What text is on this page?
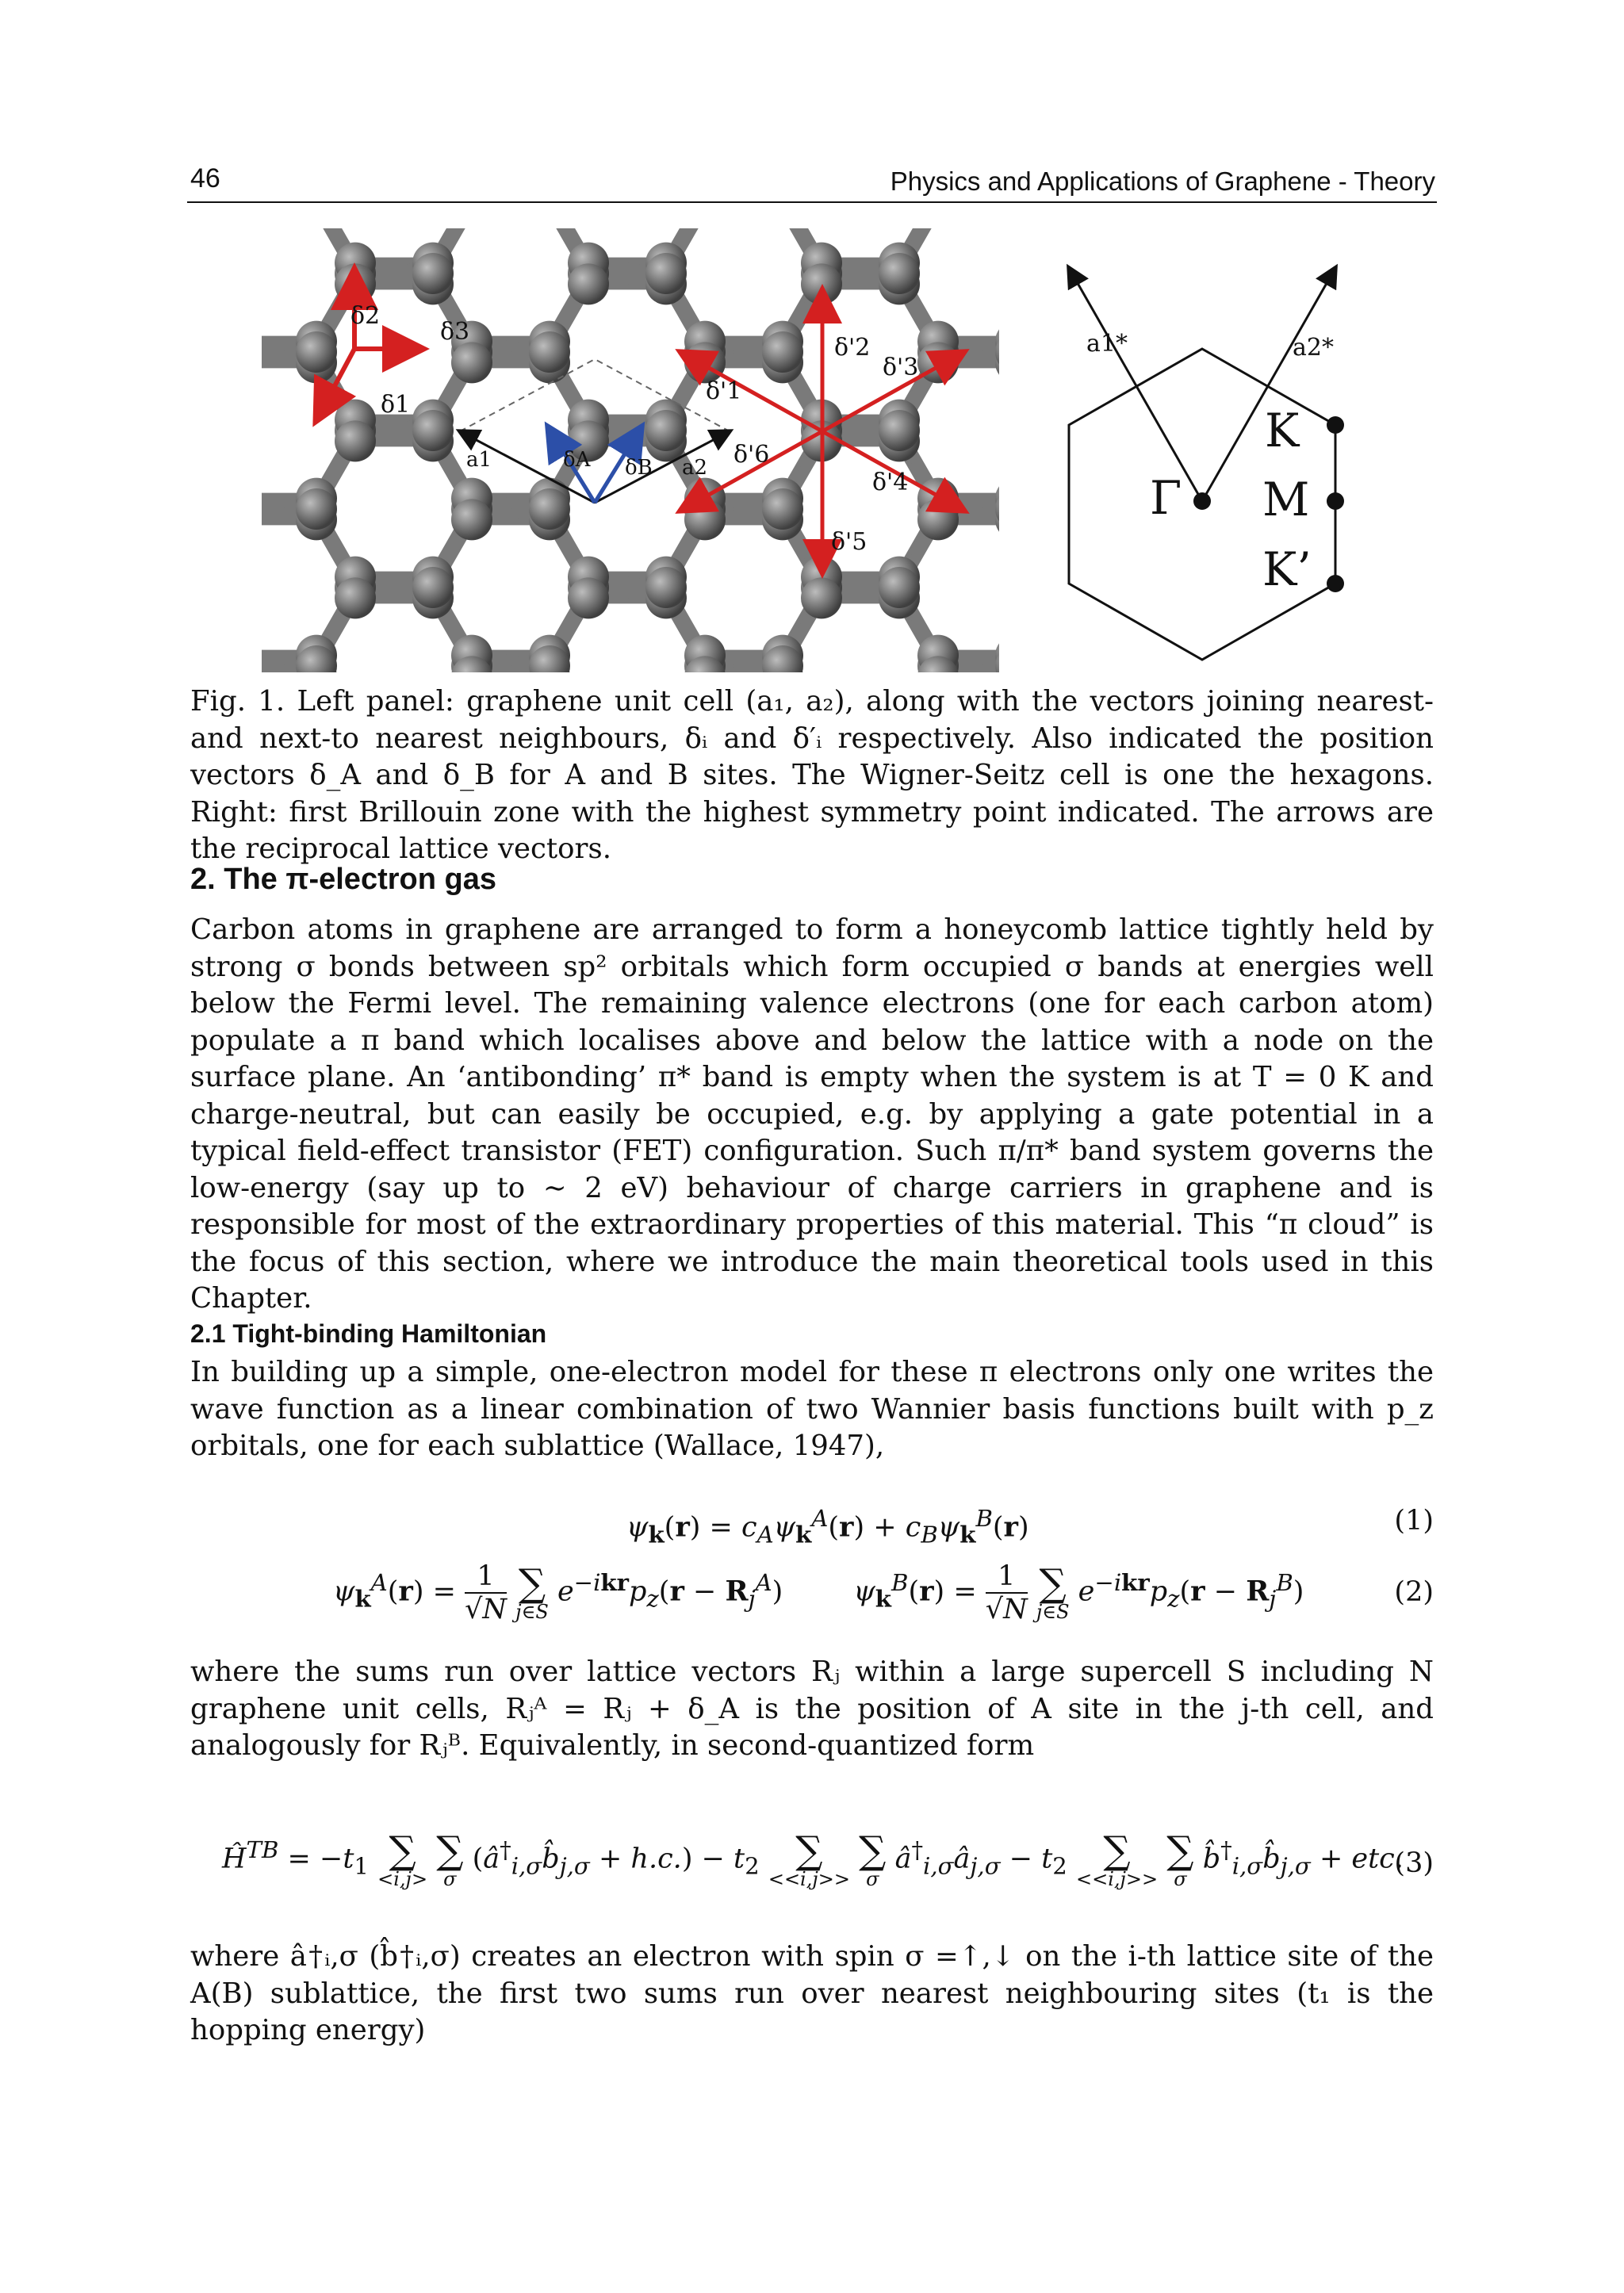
46	Physics and Applications of Graphene - Theory
δ2
δ3
δ1
a1	δA δB a2
δ'1
δ'2
δ'3
δ'4
δ'5
δ'6
a1*	a2*
Γ
K
M
K’
Fig. 1. Left panel: graphene unit cell (a₁, a₂), along with the vectors joining nearest- and next-to nearest neighbours, δᵢ and δ′ᵢ respectively. Also indicated the position vectors δ_A and δ_B for A and B sites. The Wigner-Seitz cell is one the hexagons. Right: first Brillouin zone with the highest symmetry point indicated. The arrows are the reciprocal lattice vectors.
2. The π-electron gas
Carbon atoms in graphene are arranged to form a honeycomb lattice tightly held by strong σ bonds between sp² orbitals which form occupied σ bands at energies well below the Fermi level. The remaining valence electrons (one for each carbon atom) populate a π band which localises above and below the lattice with a node on the surface plane. An ‘antibonding’ π* band is empty when the system is at T = 0 K and charge-neutral, but can easily be occupied, e.g. by applying a gate potential in a typical field-effect transistor (FET) configuration. Such π/π* band system governs the low-energy (say up to ∼ 2 eV) behaviour of charge carriers in graphene and is responsible for most of the extraordinary properties of this material. This “π cloud” is the focus of this section, where we introduce the main theoretical tools used in this Chapter.
2.1 Tight-binding Hamiltonian
In building up a simple, one-electron model for these π electrons only one writes the wave function as a linear combination of two Wannier basis functions built with p_z orbitals, one for each sublattice (Wallace, 1947),
$\psi_k(r) = c_A\psi_k^A(r) + c_B\psi_k^B(r)$	(1)
$\psi_k^A(r) = \frac{1}{√N}$
∑
j∈S
$e^{-ikr}p_z(r - R_j^A)$        $\psi_k^B(r) = \frac{1}{√N}$
∑
j∈S
$e^{-ikr}p_z(r - R_j^B)$	(2)
where the sums run over lattice vectors Rⱼ within a large supercell S including N graphene unit cells, Rⱼᴬ = Rⱼ + δ_A is the position of A site in the j-th cell, and analogously for Rⱼᴮ. Equivalently, in second-quantized form
$Ĥ^{TB} = -t_1$ ∑
<i,j>

∑
σ
$(â^\dagger_{i,\sigma}b̂_{j,\sigma} + h.c.) - t_2$ ∑
<<i,j>>

∑
σ
$â^\dagger_{i,\sigma}â_{j,\sigma} - t_2$ ∑
<<i,j>>

∑
σ
$b̂^\dagger_{i,\sigma}b̂_{j,\sigma}$ + etc.
(3)
where â†ᵢ,σ (b̂†ᵢ,σ) creates an electron with spin σ =↑,↓ on the i-th lattice site of the A(B) sublattice, the first two sums run over nearest neighbouring sites (t₁ is the hopping energy)
